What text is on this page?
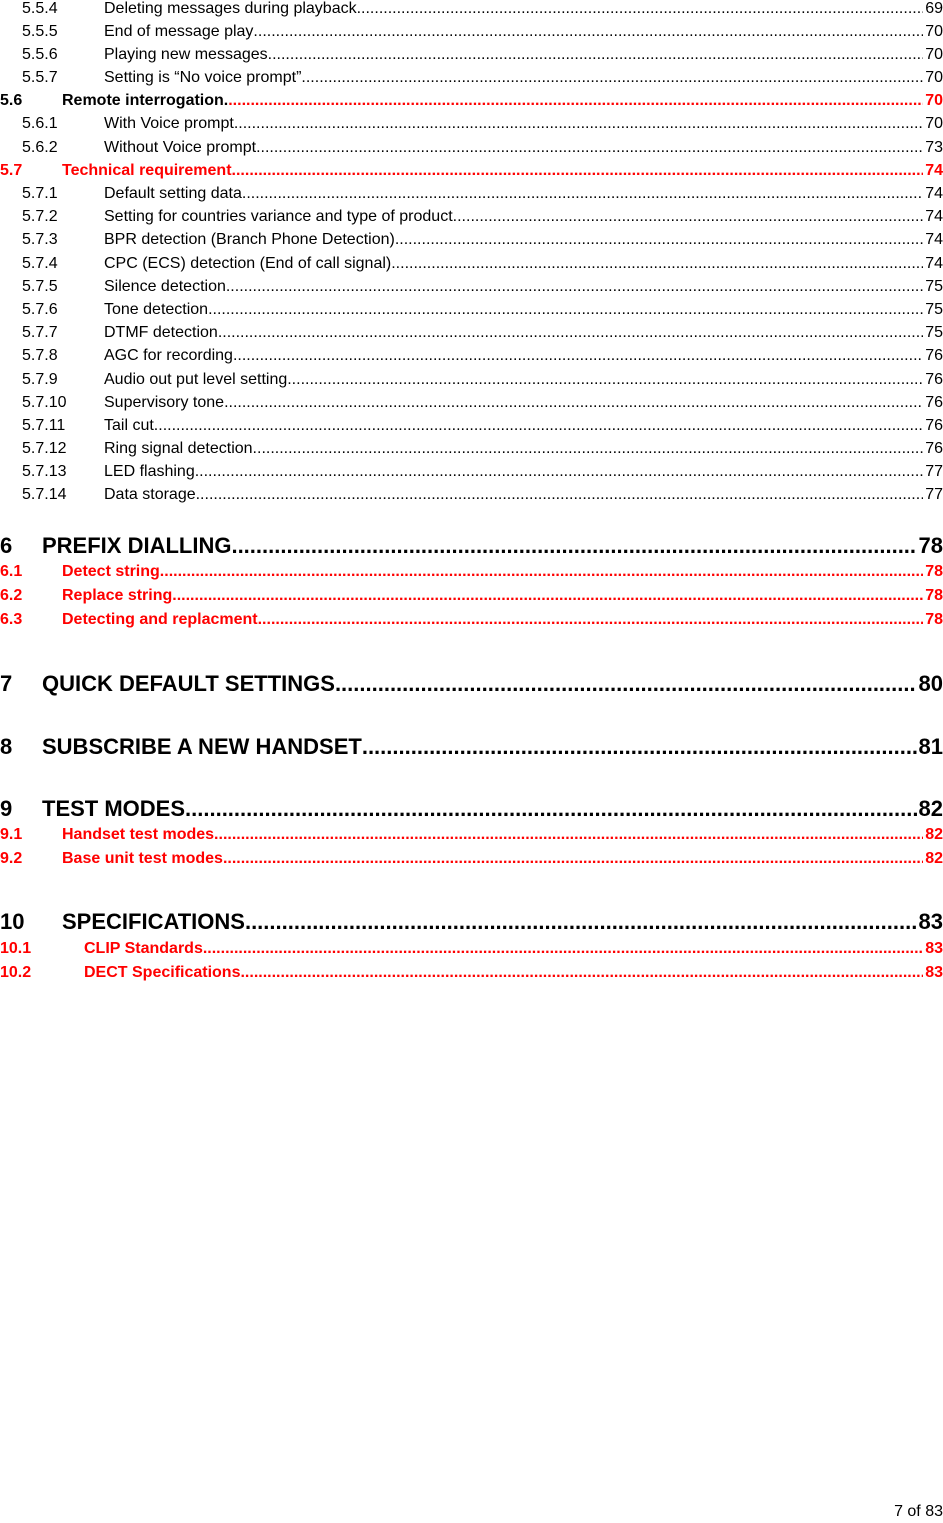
5.5.4	Deleting messages during playback .....	69
5.5.5	End of message play .....	70
5.5.6	Playing new messages .....	70
5.5.7	Setting is “No voice prompt” .....	70
5.6	Remote interrogation. .....	70
5.6.1	With Voice prompt .....	70
5.6.2	Without Voice prompt .....	73
5.7	Technical requirement .....	74
5.7.1	Default setting data .....	74
5.7.2	Setting for countries variance and type of product .....	74
5.7.3	BPR detection (Branch Phone Detection) .....	74
5.7.4	CPC (ECS) detection (End of call signal) .....	74
5.7.5	Silence detection .....	75
5.7.6	Tone detection .....	75
5.7.7	DTMF detection .....	75
5.7.8	AGC for recording .....	76
5.7.9	Audio out put level setting .....	76
5.7.10	Supervisory tone .....	76
5.7.11	Tail cut .....	76
5.7.12	Ring signal detection .....	76
5.7.13	LED flashing .....	77
5.7.14	Data storage .....	77
6	PREFIX DIALLING .....	78
6.1	Detect string .....	78
6.2	Replace string .....	78
6.3	Detecting and replacment .....	78
7	QUICK DEFAULT SETTINGS .....	80
8	SUBSCRIBE A NEW HANDSET .....	81
9	TEST MODES .....	82
9.1	Handset test modes .....	82
9.2	Base unit test modes .....	82
10	SPECIFICATIONS .....	83
10.1	CLIP Standards .....	83
10.2	DECT Specifications .....	83
7 of 83
